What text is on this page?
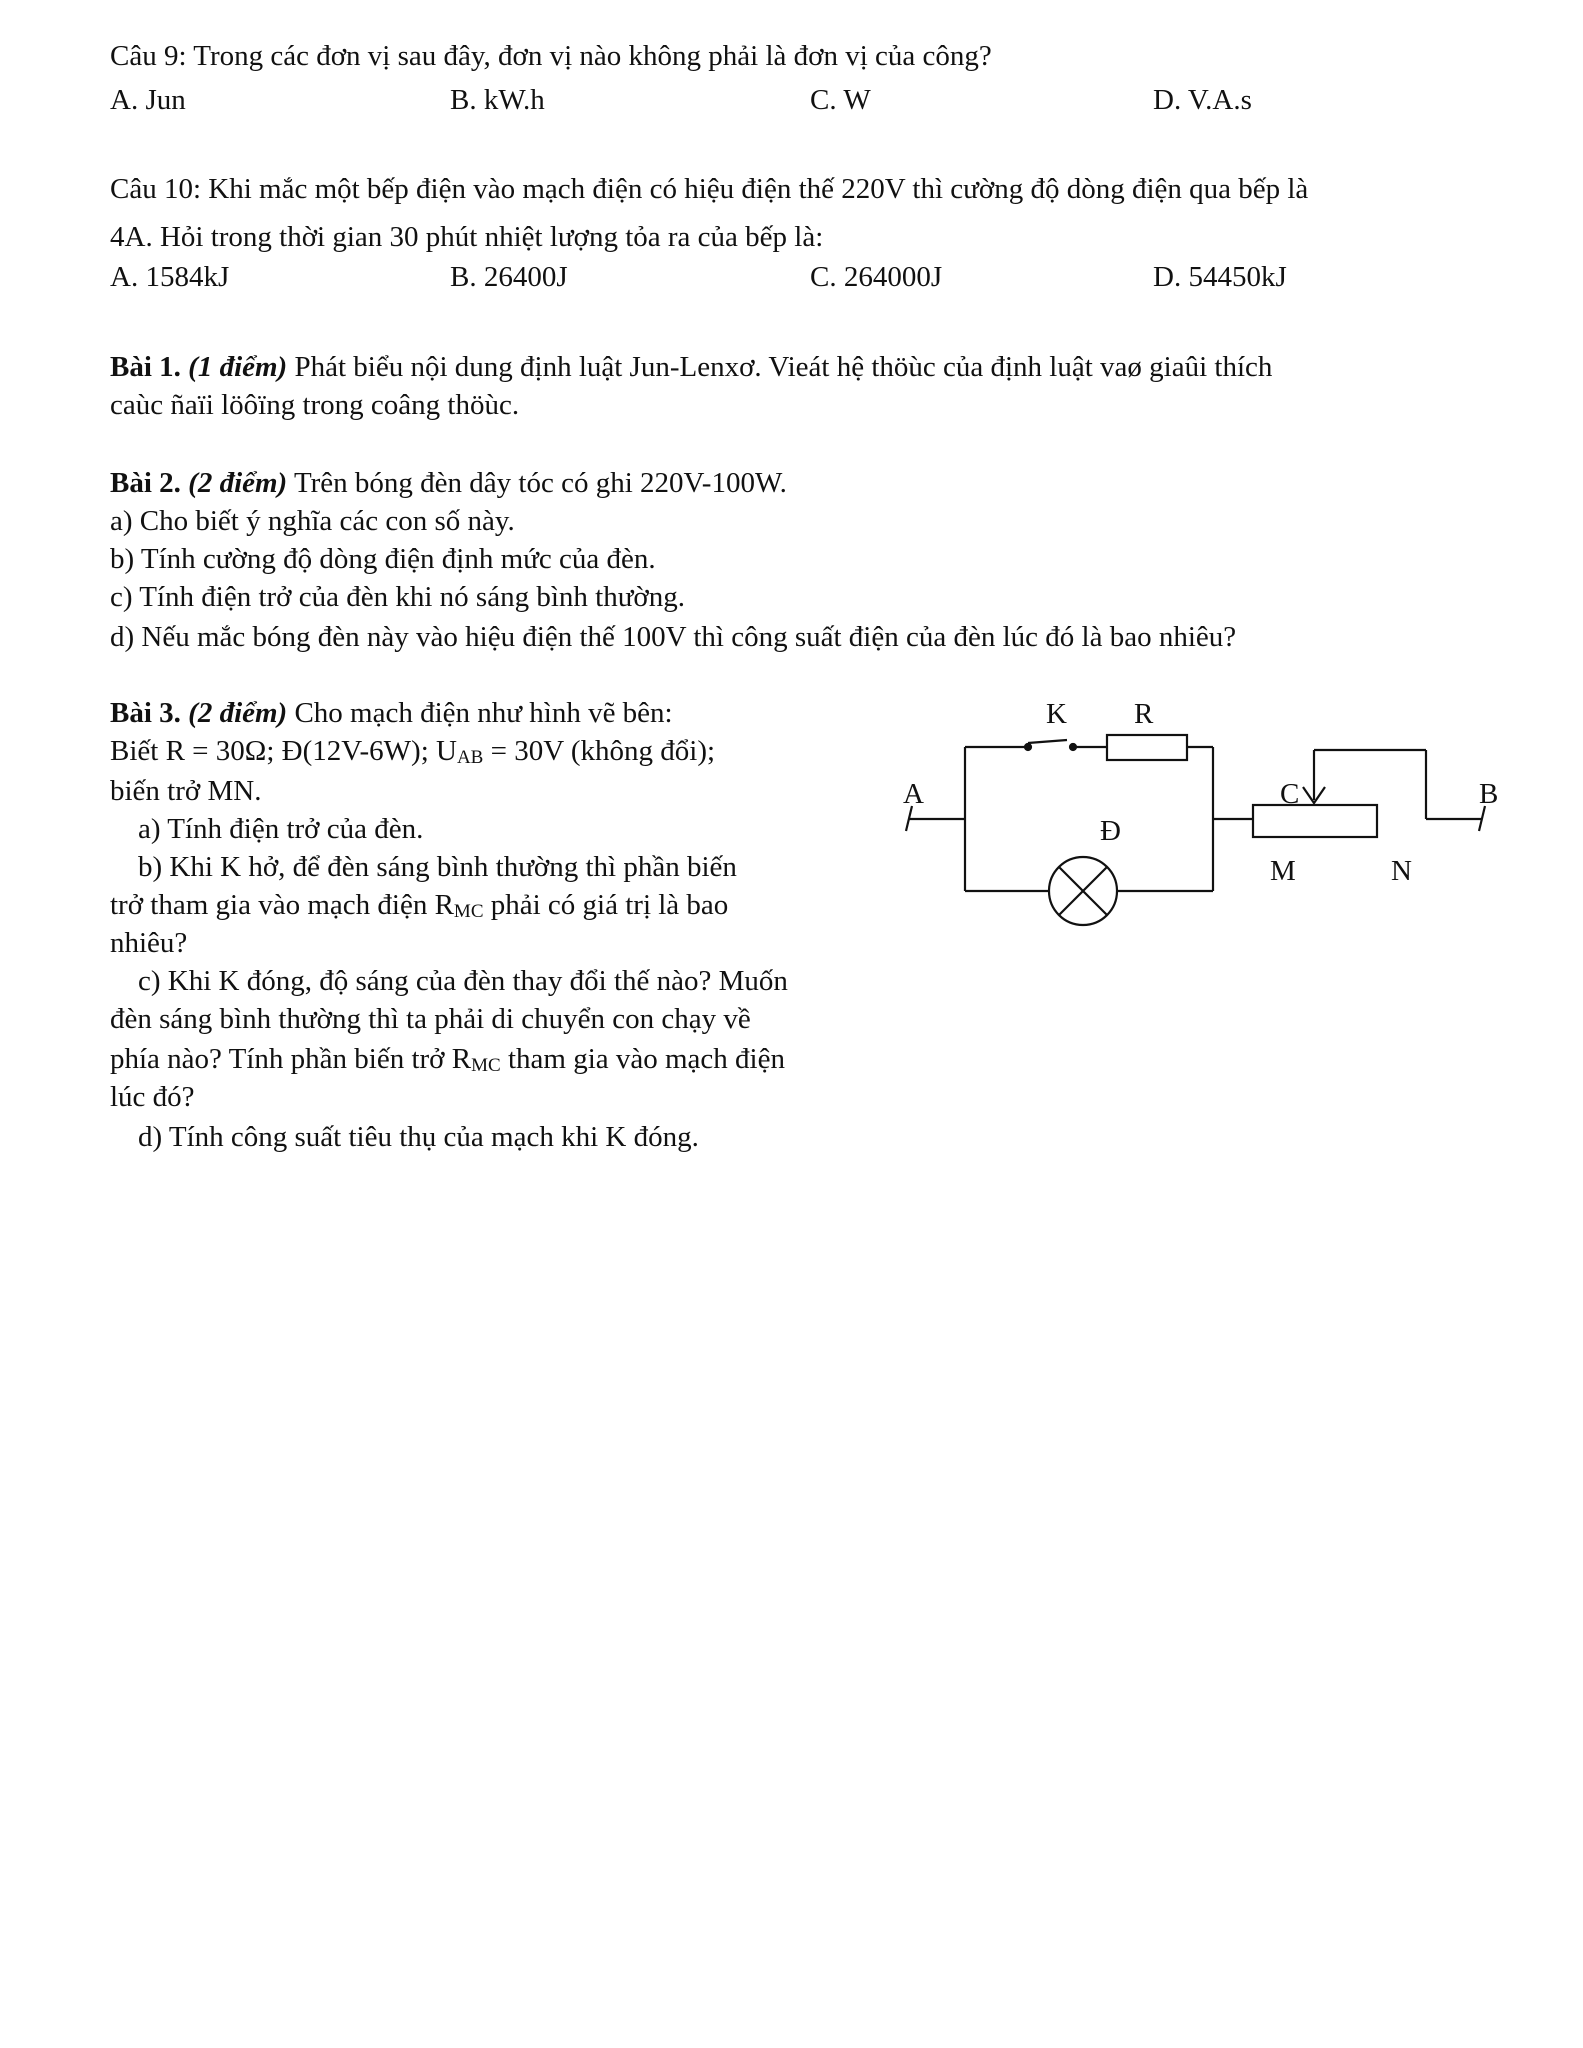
Câu 9: Trong các đơn vị sau đây, đơn vị nào không phải là đơn vị của công?
A. Jun	B. kW.h	C. W	D. V.A.s
Câu 10: Khi mắc một bếp điện vào mạch điện có hiệu điện thế 220V thì cường độ dòng điện qua bếp là
4A. Hỏi trong thời gian 30 phút nhiệt lượng tỏa ra của bếp là:
A. 1584kJ	B. 26400J	C. 264000J	D. 54450kJ
Bài 1. (1 điểm) Phát biểu nội dung định luật Jun-Lenxơ. Vieát hệ thöùc của định luật vaø giaûi thích
caùc ñaïi löôïng trong coâng thöùc.
Bài 2. (2 điểm) Trên bóng đèn dây tóc có ghi 220V-100W.
a) Cho biết ý nghĩa các con số này.
b) Tính cường độ dòng điện định mức của đèn.
c) Tính điện trở của đèn khi nó sáng bình thường.
d) Nếu mắc bóng đèn này vào hiệu điện thế 100V thì công suất điện của đèn lúc đó là bao nhiêu?
Bài 3. (2 điểm) Cho mạch điện như hình vẽ bên:
Biết R = 30Ω; Đ(12V-6W); UAB = 30V (không đổi);
biến trở MN.
a) Tính điện trở của đèn.
b) Khi K hở, để đèn sáng bình thường thì phần biến
trở tham gia vào mạch điện RMC phải có giá trị là bao
nhiêu?
c) Khi K đóng, độ sáng của đèn thay đổi thế nào? Muốn
đèn sáng bình thường thì ta phải di chuyển con chạy về
phía nào? Tính phần biến trở RMC tham gia vào mạch điện
lúc đó?
d) Tính công suất tiêu thụ của mạch khi K đóng.
K R
A	B
C
Đ
M	N
